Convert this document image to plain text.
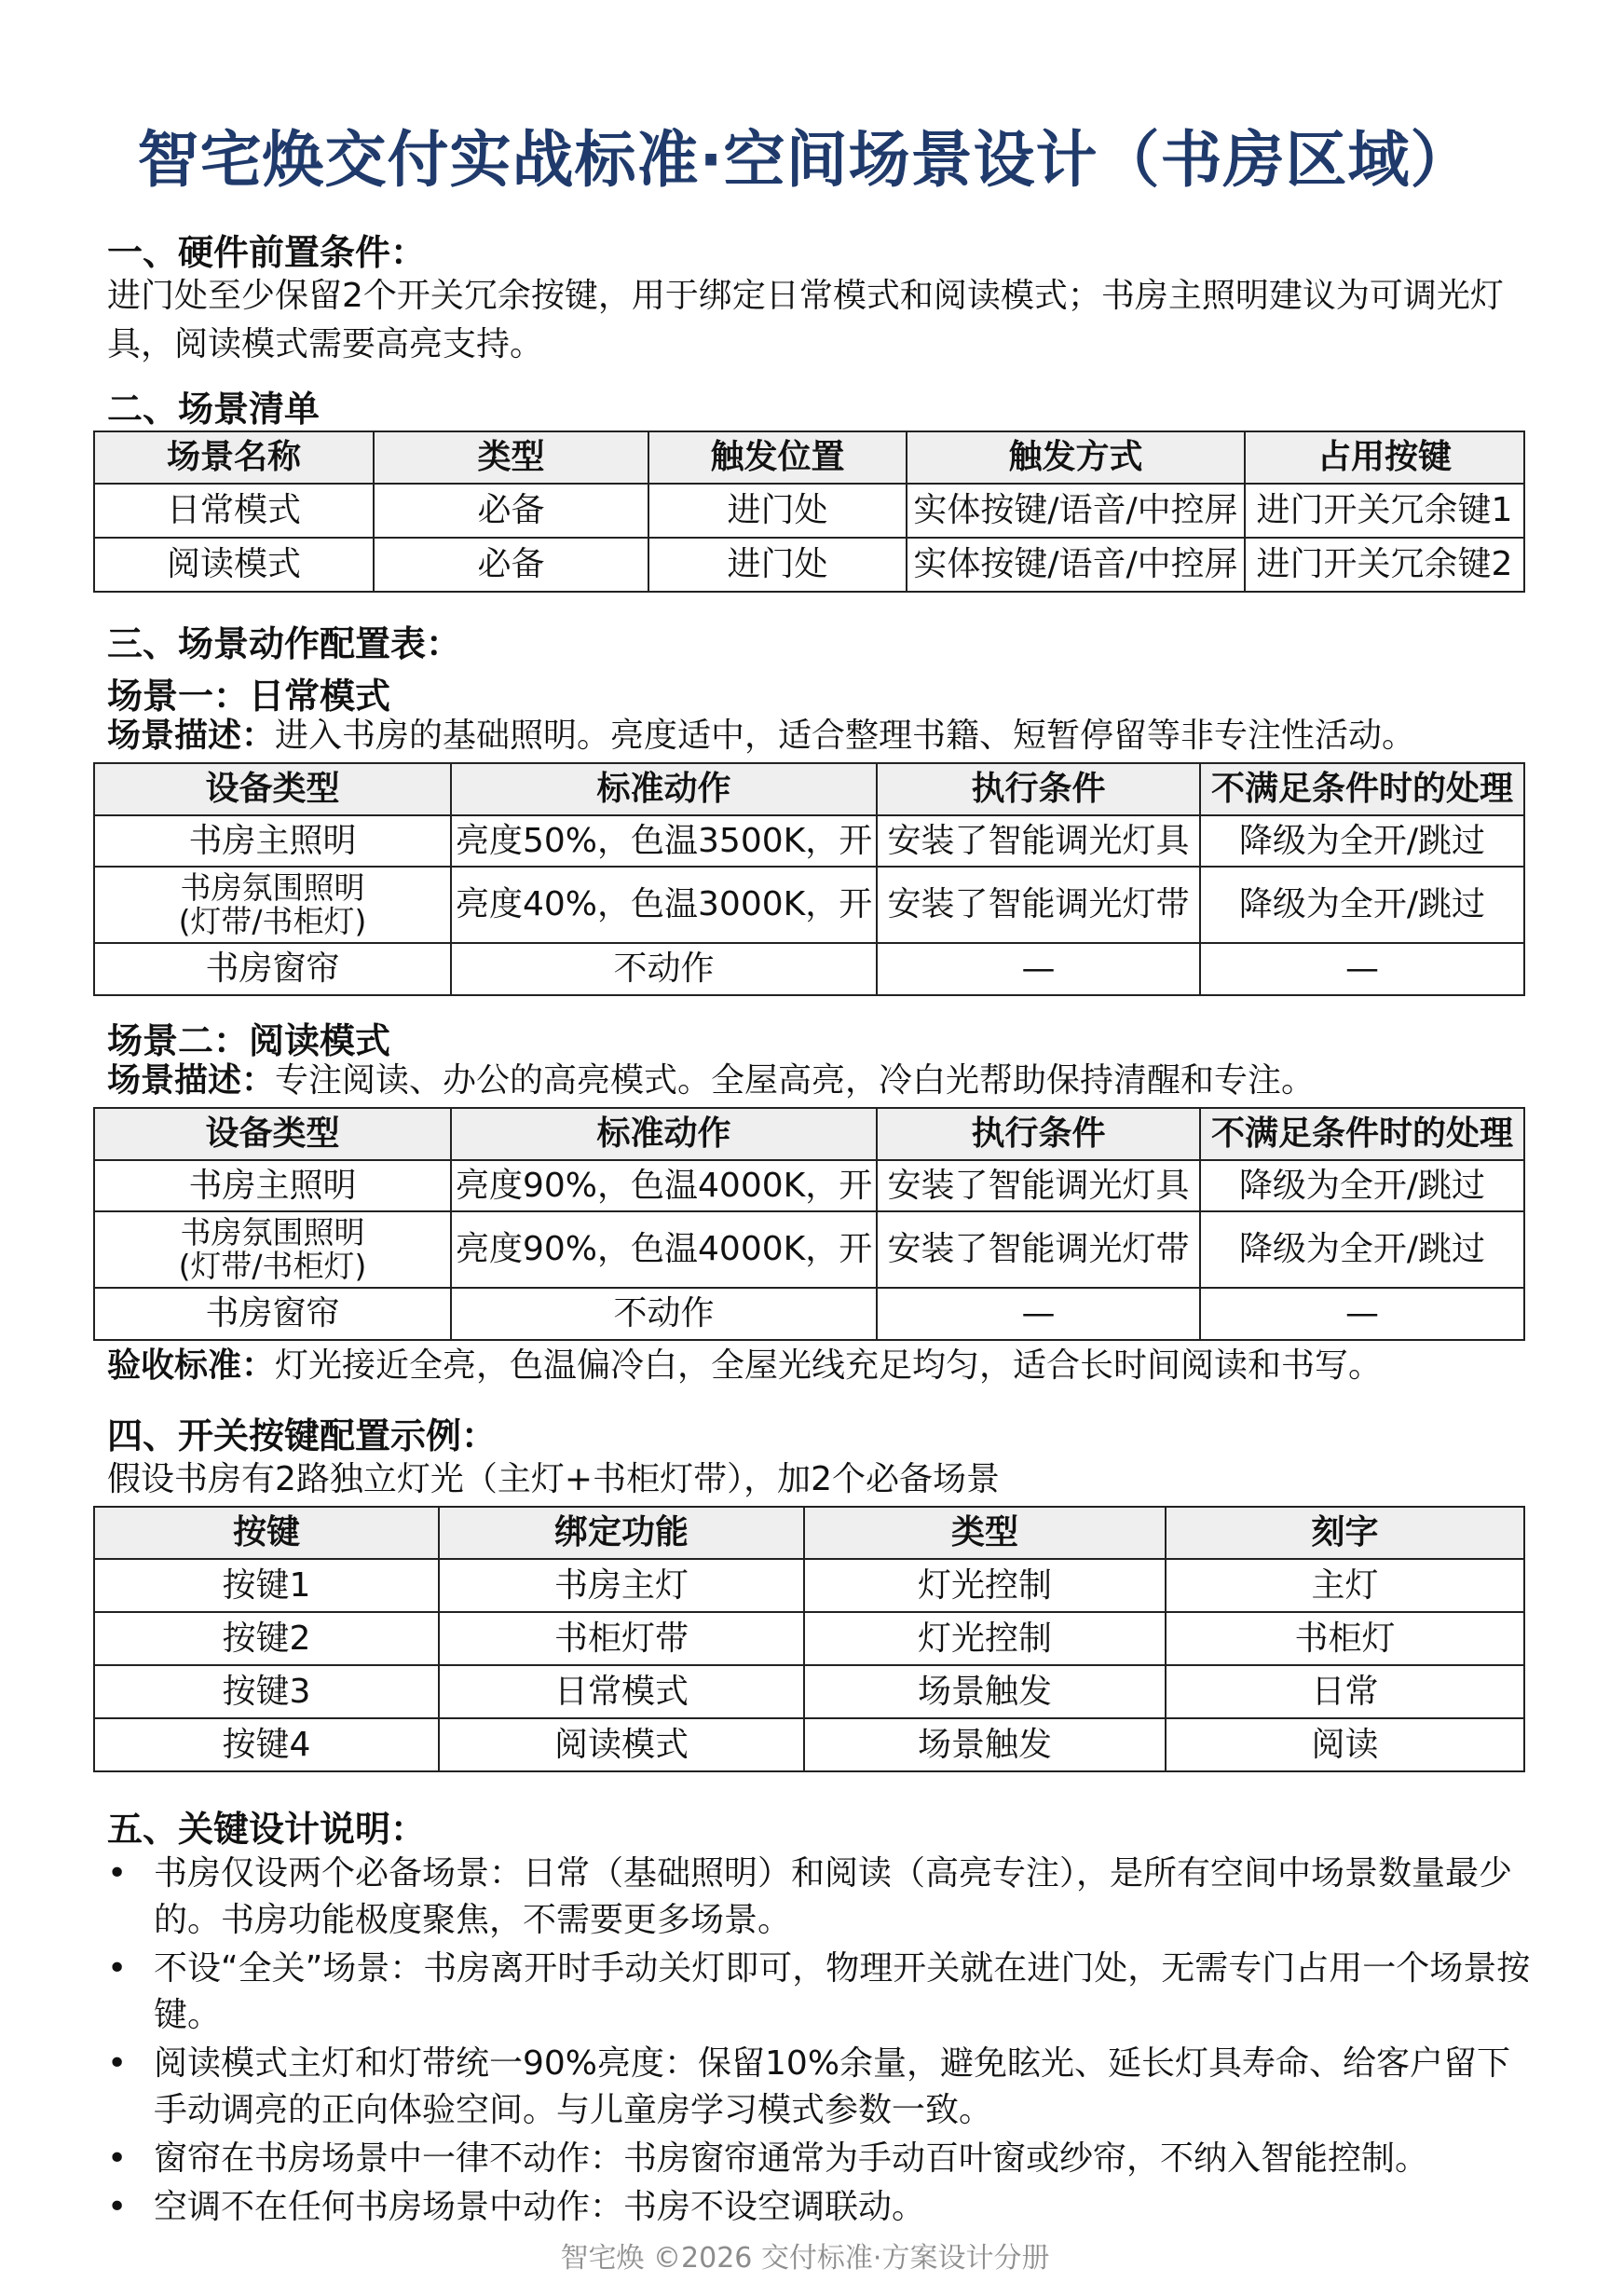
智宅焕交付实战标准·空间场景设计（书房区域）
一、硬件前置条件：
进门处至少保留2个开关冗余按键，用于绑定日常模式和阅读模式；书房主照明建议为可调光灯
具，阅读模式需要高亮支持。
二、场景清单
场景名称	类型	触发位置	触发方式	占用按键
日常模式	必备	进门处	实体按键/语音/中控屏	进门开关冗余键1
阅读模式	必备	进门处	实体按键/语音/中控屏	进门开关冗余键2
三、场景动作配置表：
场景一：日常模式
场景描述：进入书房的基础照明。亮度适中，适合整理书籍、短暂停留等非专注性活动。
设备类型	标准动作	执行条件	不满足条件时的处理
书房主照明	亮度50%，色温3500K，开	安装了智能调光灯具	降级为全开/跳过
书房氛围照明
(灯带/书柜灯)	亮度40%，色温3000K，开	安装了智能调光灯带	降级为全开/跳过
书房窗帘	不动作	—	—
场景二：阅读模式
场景描述：专注阅读、办公的高亮模式。全屋高亮，冷白光帮助保持清醒和专注。
设备类型	标准动作	执行条件	不满足条件时的处理
书房主照明	亮度90%，色温4000K，开	安装了智能调光灯具	降级为全开/跳过
书房氛围照明
(灯带/书柜灯)	亮度90%，色温4000K，开	安装了智能调光灯带	降级为全开/跳过
书房窗帘	不动作	—	—
验收标准：灯光接近全亮，色温偏冷白，全屋光线充足均匀，适合长时间阅读和书写。
四、开关按键配置示例：
假设书房有2路独立灯光（主灯+书柜灯带），加2个必备场景
按键	绑定功能	类型	刻字
按键1	书房主灯	灯光控制	主灯
按键2	书柜灯带	灯光控制	书柜灯
按键3	日常模式	场景触发	日常
按键4	阅读模式	场景触发	阅读
五、关键设计说明：
• 书房仅设两个必备场景：日常（基础照明）和阅读（高亮专注），是所有空间中场景数量最少的。书房功能极度聚焦，不需要更多场景。
• 不设“全关”场景：书房离开时手动关灯即可，物理开关就在进门处，无需专门占用一个场景按键。
• 阅读模式主灯和灯带统一90%亮度：保留10%余量，避免眩光、延长灯具寿命、给客户留下手动调亮的正向体验空间。与儿童房学习模式参数一致。
• 窗帘在书房场景中一律不动作：书房窗帘通常为手动百叶窗或纱帘，不纳入智能控制。
• 空调不在任何书房场景中动作：书房不设空调联动。
智宅焕 ©2026 交付标准·方案设计分册
